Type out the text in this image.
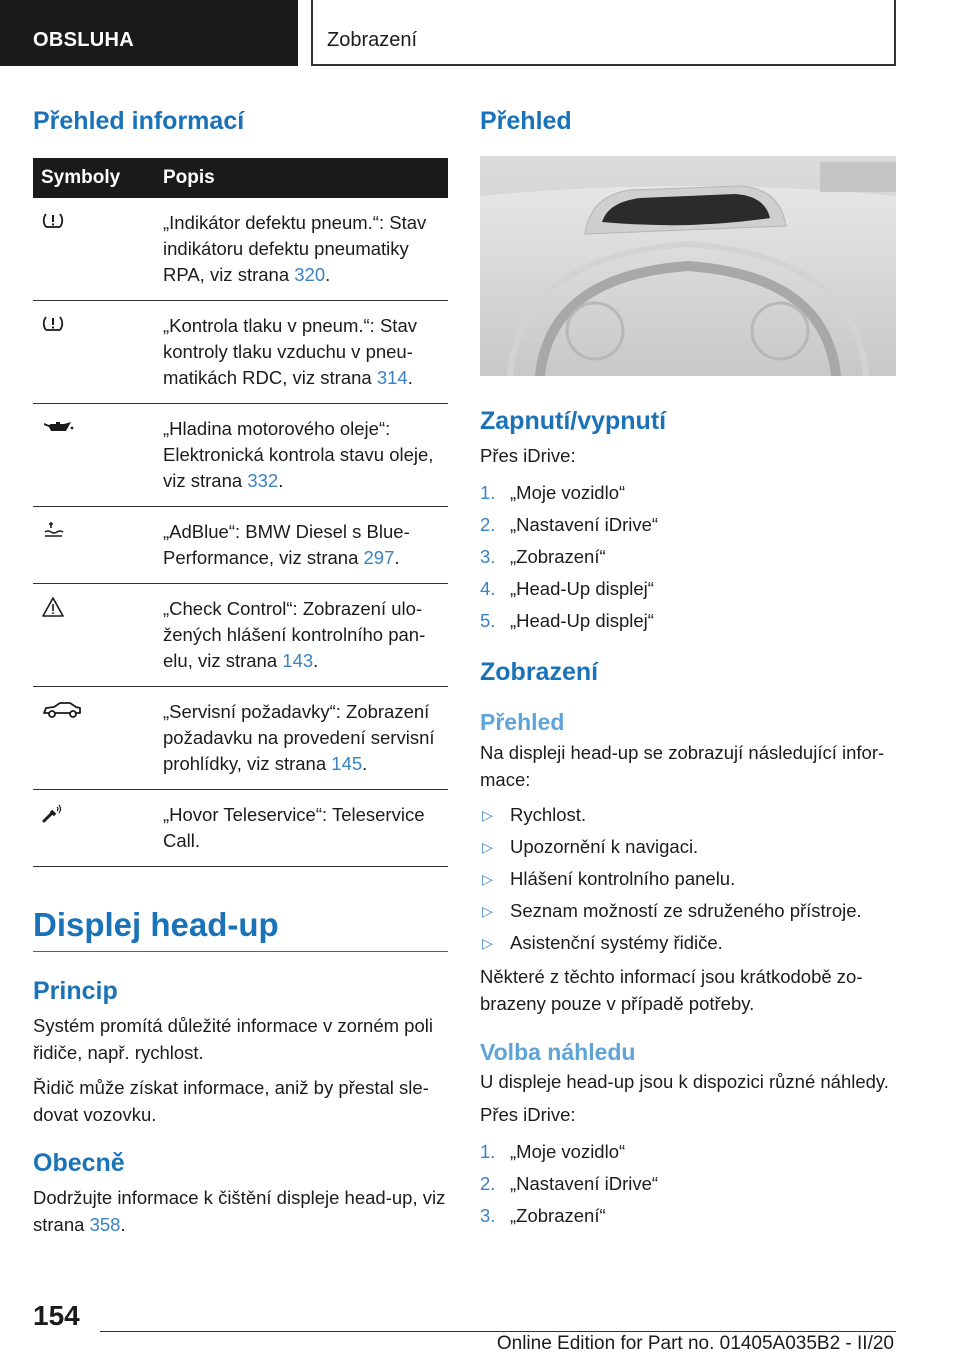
OBSLUHA	Zobrazení
Přehled informací
Symboly	Popis
	„Indikátor defektu pneum.“: Stav indikátoru defektu pneumatiky RPA, viz strana 320.
	„Kontrola tlaku v pneum.“: Stav kontroly tlaku vzduchu v pneumatikách RDC, viz strana 314.
	„Hladina motorového oleje“: Elektronická kontrola stavu oleje, viz strana 332.
	„AdBlue“: BMW Diesel s BluePerformance, viz strana 297.
	„Check Control“: Zobrazení uložených hlášení kontrolního panelu, viz strana 143.
	„Servisní požadavky“: Zobrazení požadavku na provedení servisní prohlídky, viz strana 145.
	„Hovor Teleservice“: Teleservice Call.
Displej head-up
Princip

Systém promítá důležité informace v zorném poli řidiče, např. rychlost.

Řidič může získat informace, aniž by přestal sledovat vozovku.

Obecně

Dodržujte informace k čištění displeje head-up, viz strana 358.

Přehled
Zapnutí/vypnutí

Přes iDrive:

1. „Moje vozidlo“
2. „Nastavení iDrive“
3. „Zobrazení“
4. „Head-Up displej“
5. „Head-Up displej“
Zobrazení
Přehled

Na displeji head-up se zobrazují následující informace:

▷ Rychlost.
▷ Upozornění k navigaci.
▷ Hlášení kontrolního panelu.
▷ Seznam možností ze sdruženého přístroje.
▷ Asistenční systémy řidiče.

Některé z těchto informací jsou krátkodobě zobrazeny pouze v případě potřeby.

Volba náhledu

U displeje head-up jsou k dispozici různé náhledy.

Přes iDrive:

1. „Moje vozidlo“
2. „Nastavení iDrive“
3. „Zobrazení“
154
Online Edition for Part no. 01405A035B2 - II/20
